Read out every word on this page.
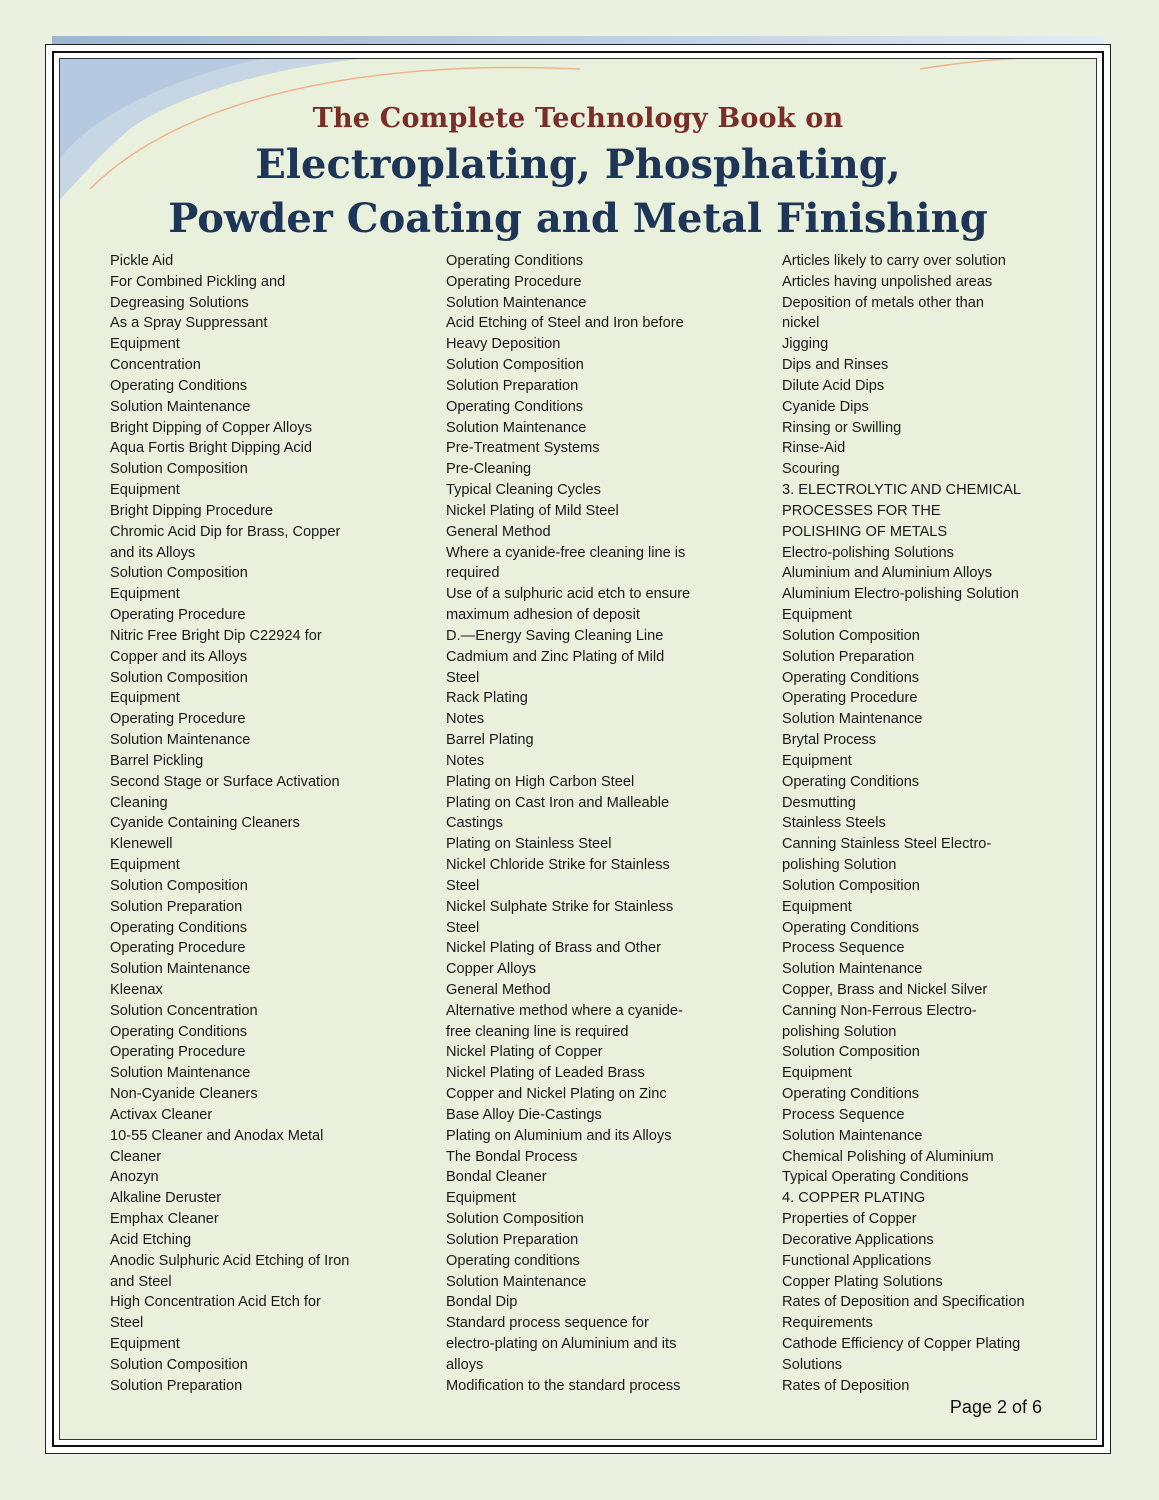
The Complete Technology Book on
Electroplating, Phosphating,
Powder Coating and Metal Finishing
Pickle Aid
For Combined Pickling and
Degreasing Solutions
As a Spray Suppressant
Equipment
Concentration
Operating Conditions
Solution Maintenance
Bright Dipping of Copper Alloys
Aqua Fortis Bright Dipping Acid
Solution Composition
Equipment
Bright Dipping Procedure
Chromic Acid Dip for Brass, Copper
and its Alloys
Solution Composition
Equipment
Operating Procedure
Nitric Free Bright Dip C22924 for
Copper and its Alloys
Solution Composition
Equipment
Operating Procedure
Solution Maintenance
Barrel Pickling
Second Stage or Surface Activation
Cleaning
Cyanide Containing Cleaners
Klenewell
Equipment
Solution Composition
Solution Preparation
Operating Conditions
Operating Procedure
Solution Maintenance
Kleenax
Solution Concentration
Operating Conditions
Operating Procedure
Solution Maintenance
Non-Cyanide Cleaners
Activax Cleaner
10-55 Cleaner and Anodax Metal
Cleaner
Anozyn
Alkaline Deruster
Emphax Cleaner
Acid Etching
Anodic Sulphuric Acid Etching of Iron
and Steel
High Concentration Acid Etch for
Steel
Equipment
Solution Composition
Solution Preparation
Operating Conditions
Operating Procedure
Solution Maintenance
Acid Etching of Steel and Iron before
Heavy Deposition
Solution Composition
Solution Preparation
Operating Conditions
Solution Maintenance
Pre-Treatment Systems
Pre-Cleaning
Typical Cleaning Cycles
Nickel Plating of Mild Steel
General Method
Where a cyanide-free cleaning line is
required
Use of a sulphuric acid etch to ensure
maximum adhesion of deposit
D.—Energy Saving Cleaning Line
Cadmium and Zinc Plating of Mild
Steel
Rack Plating
Notes
Barrel Plating
Notes
Plating on High Carbon Steel
Plating on Cast Iron and Malleable
Castings
Plating on Stainless Steel
Nickel Chloride Strike for Stainless
Steel
Nickel Sulphate Strike for Stainless
Steel
Nickel Plating of Brass and Other
Copper Alloys
General Method
Alternative method where a cyanide-
free cleaning line is required
Nickel Plating of Copper
Nickel Plating of Leaded Brass
Copper and Nickel Plating on Zinc
Base Alloy Die-Castings
Plating on Aluminium and its Alloys
The Bondal Process
Bondal Cleaner
Equipment
Solution Composition
Solution Preparation
Operating conditions
Solution Maintenance
Bondal Dip
Standard process sequence for
electro-plating on Aluminium and its
alloys
Modification to the standard process
Articles likely to carry over solution
Articles having unpolished areas
Deposition of metals other than
nickel
Jigging
Dips and Rinses
Dilute Acid Dips
Cyanide Dips
Rinsing or Swilling
Rinse-Aid
Scouring
3. ELECTROLYTIC AND CHEMICAL
PROCESSES FOR THE
POLISHING OF METALS
Electro-polishing Solutions
Aluminium and Aluminium Alloys
Aluminium Electro-polishing Solution
Equipment
Solution Composition
Solution Preparation
Operating Conditions
Operating Procedure
Solution Maintenance
Brytal Process
Equipment
Operating Conditions
Desmutting
Stainless Steels
Canning Stainless Steel Electro-
polishing Solution
Solution Composition
Equipment
Operating Conditions
Process Sequence
Solution Maintenance
Copper, Brass and Nickel Silver
Canning Non-Ferrous Electro-
polishing Solution
Solution Composition
Equipment
Operating Conditions
Process Sequence
Solution Maintenance
Chemical Polishing of Aluminium
Typical Operating Conditions
4. COPPER PLATING
Properties of Copper
Decorative Applications
Functional Applications
Copper Plating Solutions
Rates of Deposition and Specification
Requirements
Cathode Efficiency of Copper Plating
Solutions
Rates of Deposition
Page 2 of 6
